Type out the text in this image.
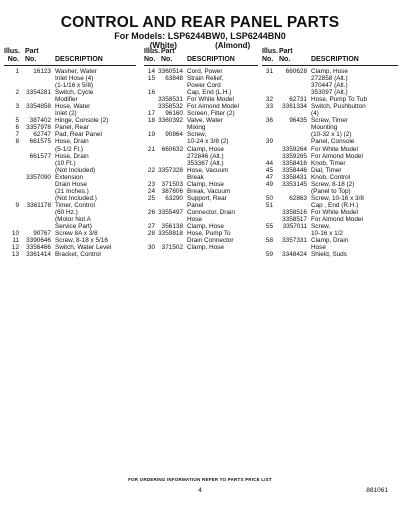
CONTROL AND REAR PANEL PARTS
For Models: LSP6244BW0, LSP6244BN0
(White)	(Almond)
Illus.
No.
Part
No.	DESCRIPTION
1	16123 Washer, Water
Inlet Hose (4)
(1-1/16 x 5/8)
2	3354281 Switch, Cycle
Modifier
3	3354858 Hose, Water
Inlet (2)
5	387402 Hinge, Console (2)
6	3357978 Panel, Rear
7	62747 Pad, Rear Panel
8	661575 Hose, Drain
(5-1/2 Ft.)
661577 Hose, Drain
(10 Ft.)
(Not Included)
3357090 Extension
Drain Hose
(21 Inches.)
(Not Included.)
9	3361178 Timer, Control
(60 Hz.)
(Motor Not A
Service Part)
10	90767 Screw 8A x 3/8
11	3390646 Screw, 8-18 x 5/16
12	3356466 Switch, Water Level
13	3361414 Bracket, Control
Illus.
No.
Part
No.	DESCRIPTION
14 3360514 Cord, Power
15	63848 Strain Relief,
Power Cord
16	Cap, End (L.H.)
3358531 For White Model
3358532 For Almond Model
17	96160 Screen, Filter (2)
18 3360392 Valve, Water
Mixing
19	90864 Screw,
10-24 x 3/8 (2)
21	660632 Clamp, Hose
272846 (Alt.)
353367 (Alt.)
22 3357328 Hose, Vacuum
Break
23	371503 Clamp, Hose
24	387606 Break, Vacuum
25	63290 Support, Rear
Panel
26 3355497 Connector, Drain
Hose
27	356138 Clamp, Hose
28 3359818 Hose, Pump To
Drain Connector
30	371502 Clamp, Hose
Illus.
No.
Part
No.	DESCRIPTION
31	660628 Clamp, Hose
272858 (Alt.)
370447 (Alt.)
353097 (Alt.)
32	62731 Hose, Pump To Tub
33	3361334 Switch, Pushbutton
(4)
36	96435 Screw, Timer
Mounting
(10-32 x 1) (2)
39	Panel, Console
3359264 For White Model
3359265 For Almond Model
44	3358416 Knob, Timer
45	3358446 Dial, Timer
47	3358431 Knob, Control
49	3353145 Screw, 8-18 (2)
(Panel to Top)
50	62863 Screw, 10-16 x 3/8
51	Cap , End (R.H.)
3358516 For White Model
3358517 For Almond Model
55	3357011 Screw,
10-16 x 1/2
58	3357331 Clamp, Drain
Hose
59	3348424 Shield, Suds
FOR ORDERING INFORMATION REFER TO PARTS PRICE LIST
4	881061
